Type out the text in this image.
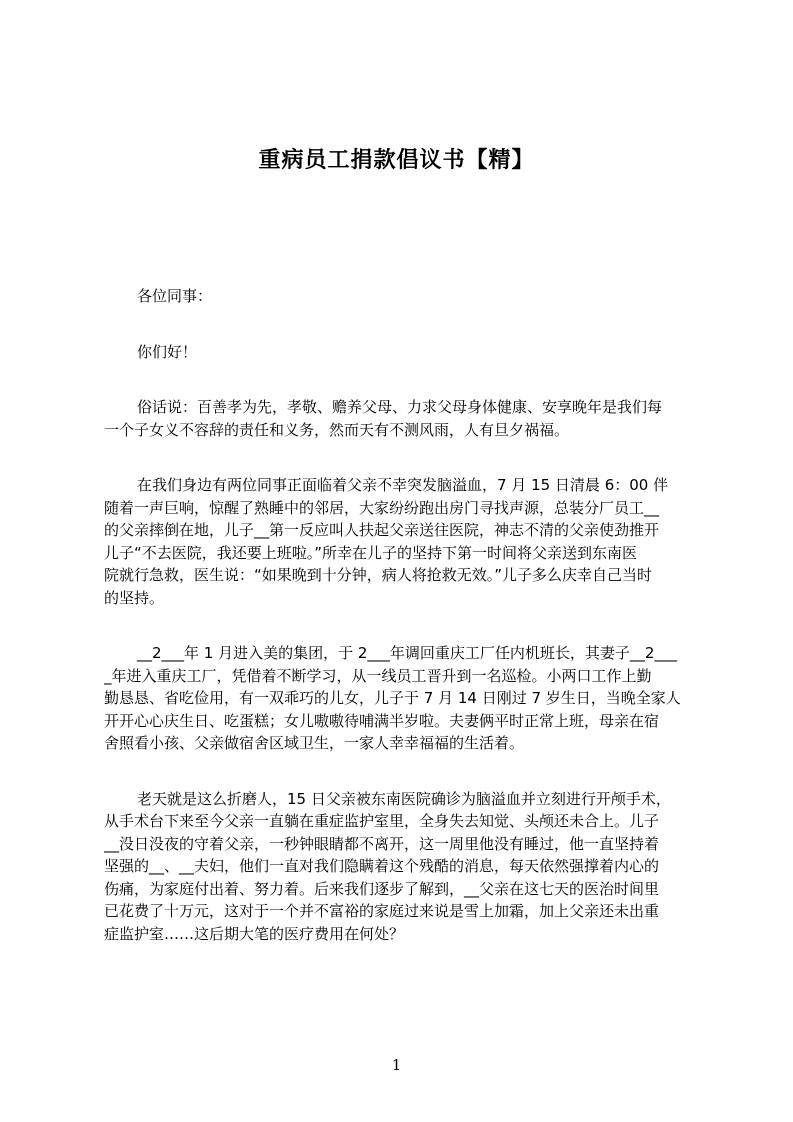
重病员工捐款倡议书【精】

各位同事：

你们好！

俗话说：百善孝为先，孝敬、赡养父母、力求父母身体健康、安享晚年是我们每
一个子女义不容辞的责任和义务，然而天有不测风雨，人有旦夕祸福。

在我们身边有两位同事正面临着父亲不幸突发脑溢血，7 月 15 日清晨 6：00 伴
随着一声巨响，惊醒了熟睡中的邻居，大家纷纷跑出房门寻找声源，总装分厂员工__
的父亲摔倒在地，儿子__第一反应叫人扶起父亲送往医院，神志不清的父亲使劲推开
儿子“不去医院，我还要上班啦。”所幸在儿子的坚持下第一时间将父亲送到东南医
院就行急救，医生说：“如果晚到十分钟，病人将抢救无效。”儿子多么庆幸自己当时
的坚持。

__2___年 1 月进入美的集团，于 2___年调回重庆工厂任内机班长，其妻子__2___
_年进入重庆工厂，凭借着不断学习，从一线员工晋升到一名巡检。小两口工作上勤
勤恳恳、省吃俭用，有一双乖巧的儿女，儿子于 7 月 14 日刚过 7 岁生日，当晚全家人
开开心心庆生日、吃蛋糕；女儿嗷嗷待哺满半岁啦。夫妻俩平时正常上班，母亲在宿
舍照看小孩、父亲做宿舍区域卫生，一家人幸幸福福的生活着。

老天就是这么折磨人，15 日父亲被东南医院确诊为脑溢血并立刻进行开颅手术，
从手术台下来至今父亲一直躺在重症监护室里，全身失去知觉、头颅还未合上。儿子
__没日没夜的守着父亲，一秒钟眼睛都不离开，这一周里他没有睡过，他一直坚持着
坚强的__、__夫妇，他们一直对我们隐瞒着这个残酷的消息，每天依然强撑着内心的
伤痛，为家庭付出着、努力着。后来我们逐步了解到，__父亲在这七天的医治时间里
已花费了十万元，这对于一个并不富裕的家庭过来说是雪上加霜，加上父亲还未出重
症监护室……这后期大笔的医疗费用在何处？

1
